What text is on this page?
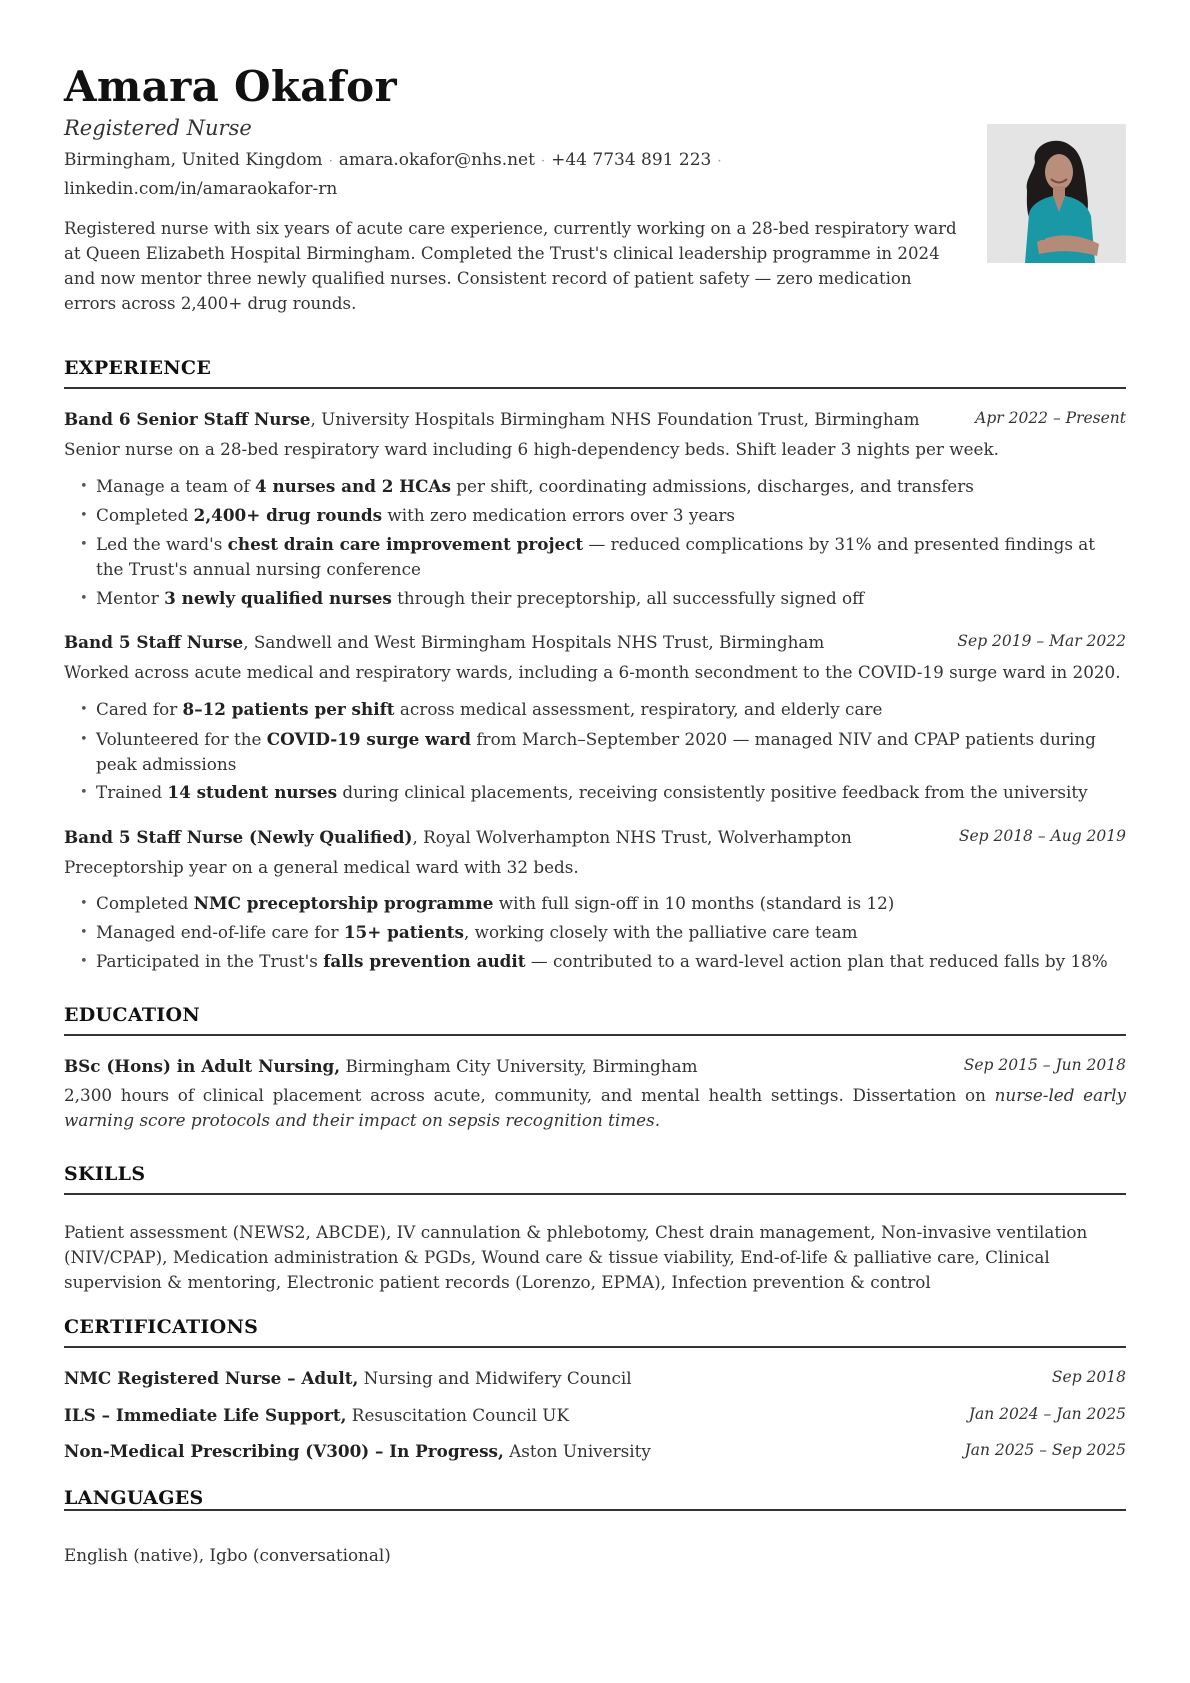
Amara Okafor
Registered Nurse
Birmingham, United Kingdom · amara.okafor@nhs.net · +44 7734 891 223 ·
linkedin.com/in/amaraokafor-rn
Registered nurse with six years of acute care experience, currently working on a 28-bed respiratory ward at Queen Elizabeth Hospital Birmingham. Completed the Trust's clinical leadership programme in 2024 and now mentor three newly qualified nurses. Consistent record of patient safety — zero medication errors across 2,400+ drug rounds.
EXPERIENCE
Band 6 Senior Staff Nurse, University Hospitals Birmingham NHS Foundation Trust, Birmingham	Apr 2022 – Present
Senior nurse on a 28-bed respiratory ward including 6 high-dependency beds. Shift leader 3 nights per week.
• Manage a team of 4 nurses and 2 HCAs per shift, coordinating admissions, discharges, and transfers
• Completed 2,400+ drug rounds with zero medication errors over 3 years
• Led the ward's chest drain care improvement project — reduced complications by 31% and presented findings at the Trust's annual nursing conference
• Mentor 3 newly qualified nurses through their preceptorship, all successfully signed off
Band 5 Staff Nurse, Sandwell and West Birmingham Hospitals NHS Trust, Birmingham	Sep 2019 – Mar 2022
Worked across acute medical and respiratory wards, including a 6-month secondment to the COVID-19 surge ward in 2020.
• Cared for 8–12 patients per shift across medical assessment, respiratory, and elderly care
• Volunteered for the COVID-19 surge ward from March–September 2020 — managed NIV and CPAP patients during peak admissions
• Trained 14 student nurses during clinical placements, receiving consistently positive feedback from the university
Band 5 Staff Nurse (Newly Qualified), Royal Wolverhampton NHS Trust, Wolverhampton	Sep 2018 – Aug 2019
Preceptorship year on a general medical ward with 32 beds.
• Completed NMC preceptorship programme with full sign-off in 10 months (standard is 12)
• Managed end-of-life care for 15+ patients, working closely with the palliative care team
• Participated in the Trust's falls prevention audit — contributed to a ward-level action plan that reduced falls by 18%
EDUCATION
BSc (Hons) in Adult Nursing, Birmingham City University, Birmingham	Sep 2015 – Jun 2018
2,300 hours of clinical placement across acute, community, and mental health settings. Dissertation on nurse-led early warning score protocols and their impact on sepsis recognition times.
SKILLS
Patient assessment (NEWS2, ABCDE), IV cannulation & phlebotomy, Chest drain management, Non-invasive ventilation (NIV/CPAP), Medication administration & PGDs, Wound care & tissue viability, End-of-life & palliative care, Clinical supervision & mentoring, Electronic patient records (Lorenzo, EPMA), Infection prevention & control
CERTIFICATIONS
NMC Registered Nurse – Adult, Nursing and Midwifery Council	Sep 2018
ILS – Immediate Life Support, Resuscitation Council UK	Jan 2024 – Jan 2025
Non-Medical Prescribing (V300) – In Progress, Aston University	Jan 2025 – Sep 2025
LANGUAGES
English (native), Igbo (conversational)
